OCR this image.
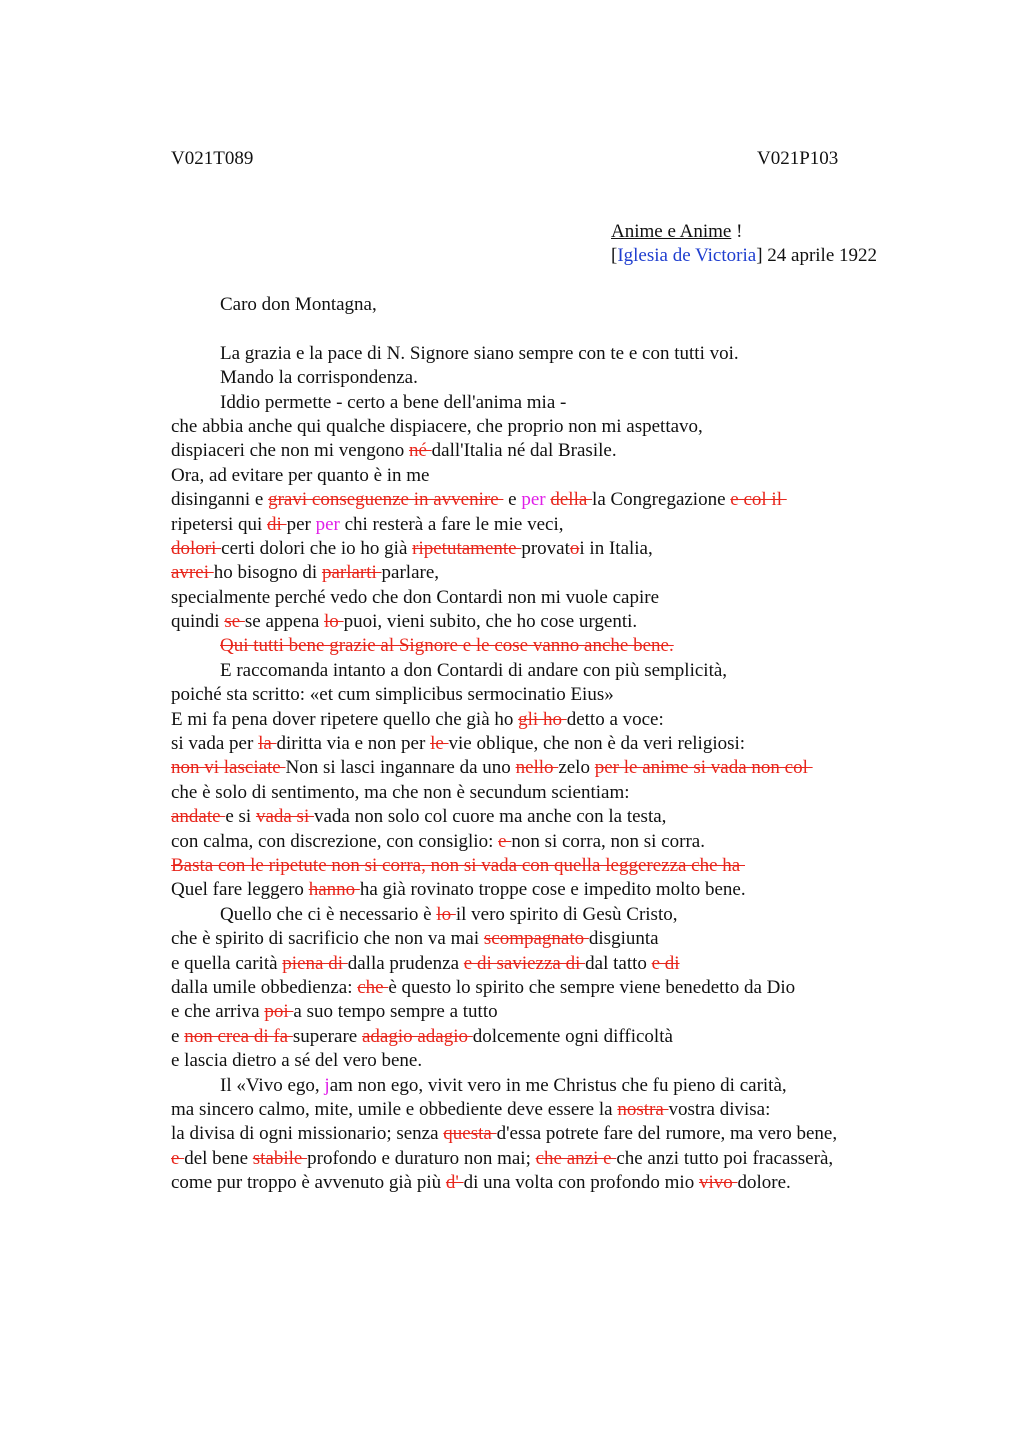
V021T089	V021P103
Anime e Anime !
[Iglesia de Victoria] 24 aprile 1922
Caro don Montagna,
La grazia e la pace di N. Signore siano sempre con te e con tutti voi.
Mando la corrispondenza.
Iddio permette - certo a bene dell'anima mia -
che abbia anche qui qualche dispiacere, che proprio non mi aspettavo,
dispiaceri che non mi vengono né dall'Italia né dal Brasile.
Ora, ad evitare per quanto è in me
disinganni e gravi conseguenze in avvenire  e per della la Congregazione e col il
ripetersi qui di per per chi resterà a fare le mie veci,
dolori certi dolori che io ho già ripetutamente provatoi in Italia,
avrei ho bisogno di parlarti parlare,
specialmente perché vedo che don Contardi non mi vuole capire
quindi se se appena lo puoi, vieni subito, che ho cose urgenti.
Qui tutti bene grazie al Signore e le cose vanno anche bene.
E raccomanda intanto a don Contardi di andare con più semplicità,
poiché sta scritto: «et cum simplicibus sermocinatio Eius»
E mi fa pena dover ripetere quello che già ho gli ho detto a voce:
si vada per la diritta via e non per le vie oblique, che non è da veri religiosi:
non vi lasciate Non si lasci ingannare da uno nello zelo per le anime si vada non col
che è solo di sentimento, ma che non è secundum scientiam:
andate e si vada si vada non solo col cuore ma anche con la testa,
con calma, con discrezione, con consiglio: e non si corra, non si corra.
Basta con le ripetute non si corra, non si vada con quella leggerezza che ha
Quel fare leggero hanno ha già rovinato troppe cose e impedito molto bene.
Quello che ci è necessario è lo il vero spirito di Gesù Cristo,
che è spirito di sacrificio che non va mai scompagnato disgiunta
e quella carità piena di dalla prudenza e di saviezza di dal tatto e di
dalla umile obbedienza: che è questo lo spirito che sempre viene benedetto da Dio
e che arriva poi a suo tempo sempre a tutto
e non crea di fa superare adagio adagio dolcemente ogni difficoltà
e lascia dietro a sé del vero bene.
Il «Vivo ego, jam non ego, vivit vero in me Christus che fu pieno di carità,
ma sincero calmo, mite, umile e obbediente deve essere la nostra vostra divisa:
la divisa di ogni missionario; senza questa d'essa potrete fare del rumore, ma vero bene,
e del bene stabile profondo e duraturo non mai; che anzi e che anzi tutto poi fracasserà,
come pur troppo è avvenuto già più d' di una volta con profondo mio vivo dolore.
